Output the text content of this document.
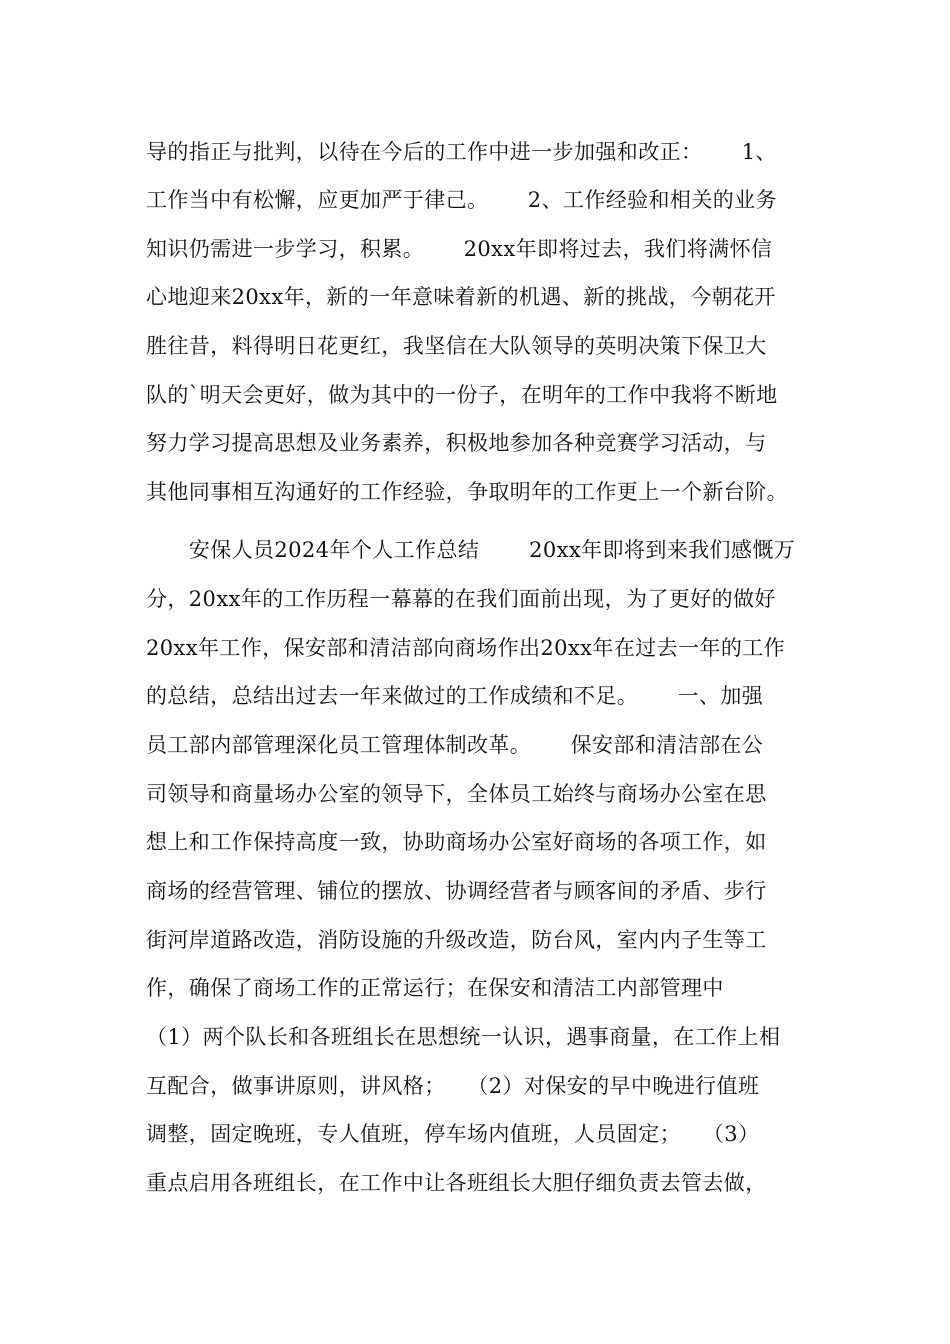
导的指正与批判，以待在今后的工作中进一步加强和改正：　　 1、
工作当中有松懈，应更加严于律己。　　 2、工作经验和相关的业务
知识仍需进一步学习，积累。　　 20xx年即将过去，我们将满怀信
心地迎来20xx年，新的一年意味着新的机遇、新的挑战，今朝花开
胜往昔，料得明日花更红，我坚信在大队领导的英明决策下保卫大
队的`明天会更好，做为其中的一份子，在明年的工作中我将不断地
努力学习提高思想及业务素养，积极地参加各种竞赛学习活动，与
其他同事相互沟通好的工作经验，争取明年的工作更上一个新台阶。
　　安保人员2024年个人工作总结　　 20xx年即将到来我们感慨万
分，20xx年的工作历程一幕幕的在我们面前出现，为了更好的做好
20xx年工作，保安部和清洁部向商场作出20xx年在过去一年的工作
的总结，总结出过去一年来做过的工作成绩和不足。　　 一、加强
员工部内部管理深化员工管理体制改革。　　 保安部和清洁部在公
司领导和商量场办公室的领导下，全体员工始终与商场办公室在思
想上和工作保持高度一致，协助商场办公室好商场的各项工作，如
商场的经营管理、铺位的摆放、协调经营者与顾客间的矛盾、步行
街河岸道路改造，消防设施的升级改造，防台风，室内内子生等工
作，确保了商场工作的正常运行；在保安和清洁工内部管理中
（1）两个队长和各班组长在思想统一认识，遇事商量，在工作上相
互配合，做事讲原则，讲风格；　　（2）对保安的早中晚进行值班
调整，固定晚班，专人值班，停车场内值班，人员固定；　　（3）
重点启用各班组长，在工作中让各班组长大胆仔细负责去管去做，
